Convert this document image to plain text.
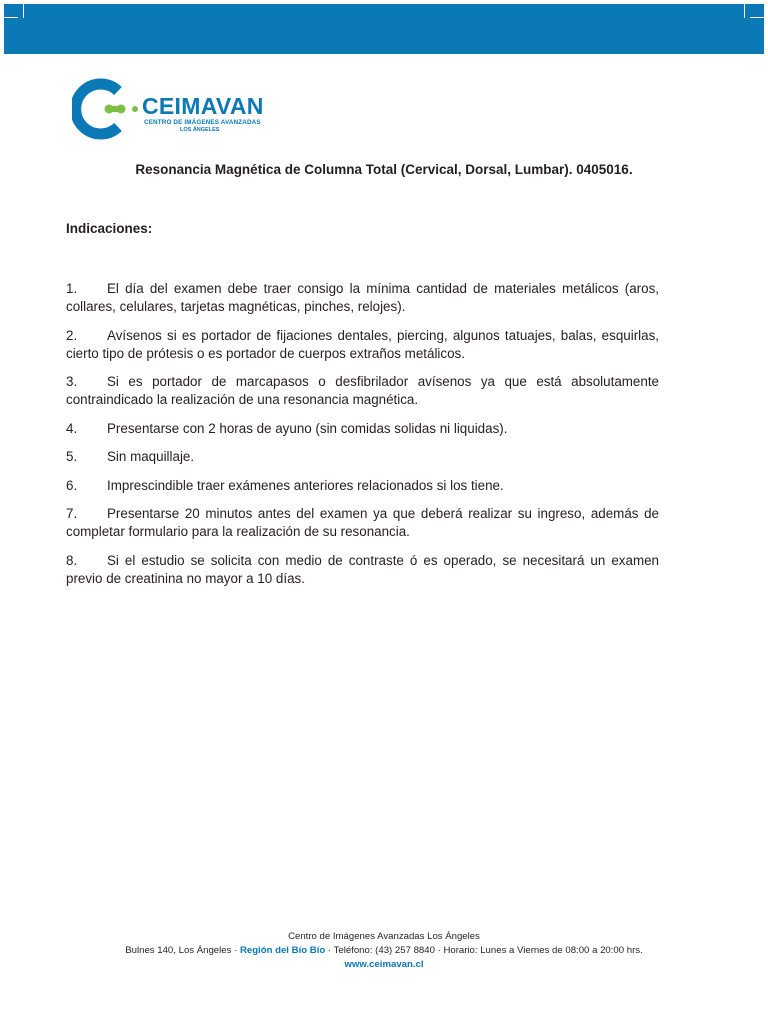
CEIMAVAN
CENTRO DE IMÁGENES AVANZADAS
LOS ÁNGELES
Resonancia Magnética de Columna Total (Cervical, Dorsal, Lumbar). 0405016.
Indicaciones:
1. El día del examen debe traer consigo la mínima cantidad de materiales metálicos (aros, collares, celulares, tarjetas magnéticas, pinches, relojes).
2. Avísenos si es portador de fijaciones dentales, piercing, algunos tatuajes, balas, esquirlas, cierto tipo de prótesis o es portador de cuerpos extraños metálicos.
3. Si es portador de marcapasos o desfibrilador avísenos ya que está absolutamente contraindicado la realización de una resonancia magnética.
4. Presentarse con 2 horas de ayuno (sin comidas solidas ni liquidas).
5. Sin maquillaje.
6. Imprescindible traer exámenes anteriores relacionados si los tiene.
7. Presentarse 20 minutos antes del examen ya que deberá realizar su ingreso, además de completar formulario para la realización de su resonancia.
8. Si el estudio se solicita con medio de contraste ó es operado, se necesitará un examen previo de creatinina no mayor a 10 días.
Centro de Imágenes Avanzadas Los Ángeles
Bulnes 140, Los Ángeles · Región del Bío Bío · Teléfono: (43) 257 8840 · Horario: Lunes a Viernes de 08:00 a 20:00 hrs.
www.ceimavan.cl
